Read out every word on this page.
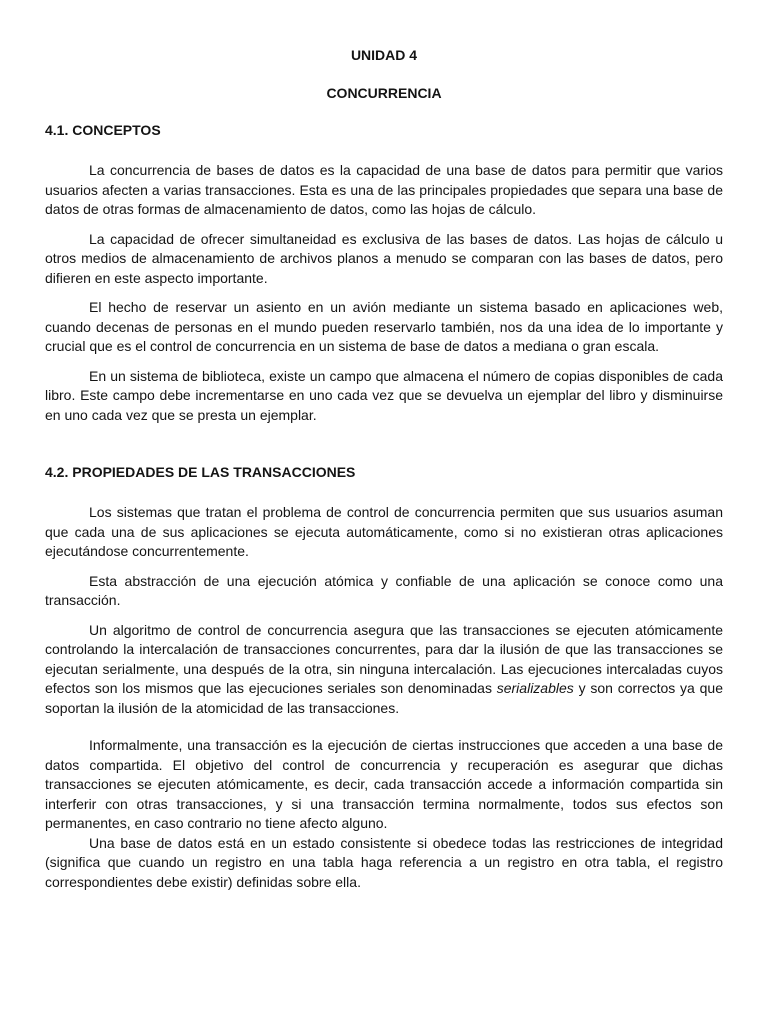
UNIDAD 4
CONCURRENCIA
4.1. CONCEPTOS

La concurrencia de bases de datos es la capacidad de una base de datos para permitir que varios usuarios afecten a varias transacciones. Esta es una de las principales propiedades que separa una base de datos de otras formas de almacenamiento de datos, como las hojas de cálculo.

La capacidad de ofrecer simultaneidad es exclusiva de las bases de datos. Las hojas de cálculo u otros medios de almacenamiento de archivos planos a menudo se comparan con las bases de datos, pero difieren en este aspecto importante.

El hecho de reservar un asiento en un avión mediante un sistema basado en aplicaciones web, cuando decenas de personas en el mundo pueden reservarlo también, nos da una idea de lo importante y crucial que es el control de concurrencia en un sistema de base de datos a mediana o gran escala.

En un sistema de biblioteca, existe un campo que almacena el número de copias disponibles de cada libro. Este campo debe incrementarse en uno cada vez que se devuelva un ejemplar del libro y disminuirse en uno cada vez que se presta un ejemplar.

4.2. PROPIEDADES DE LAS TRANSACCIONES

Los sistemas que tratan el problema de control de concurrencia permiten que sus usuarios asuman que cada una de sus aplicaciones se ejecuta automáticamente, como si no existieran otras aplicaciones ejecutándose concurrentemente.

Esta abstracción de una ejecución atómica y confiable de una aplicación se conoce como una transacción.

Un algoritmo de control de concurrencia asegura que las transacciones se ejecuten atómicamente controlando la intercalación de transacciones concurrentes, para dar la ilusión de que las transacciones se ejecutan serialmente, una después de la otra, sin ninguna intercalación. Las ejecuciones intercaladas cuyos efectos son los mismos que las ejecuciones seriales son denominadas serializables y son correctos ya que soportan la ilusión de la atomicidad de las transacciones.

Informalmente, una transacción es la ejecución de ciertas instrucciones que acceden a una base de datos compartida. El objetivo del control de concurrencia y recuperación es asegurar que dichas transacciones se ejecuten atómicamente, es decir, cada transacción accede a información compartida sin interferir con otras transacciones, y si una transacción termina normalmente, todos sus efectos son permanentes, en caso contrario no tiene afecto alguno.

Una base de datos está en un estado consistente si obedece todas las restricciones de integridad (significa que cuando un registro en una tabla haga referencia a un registro en otra tabla, el registro correspondientes debe existir) definidas sobre ella.
